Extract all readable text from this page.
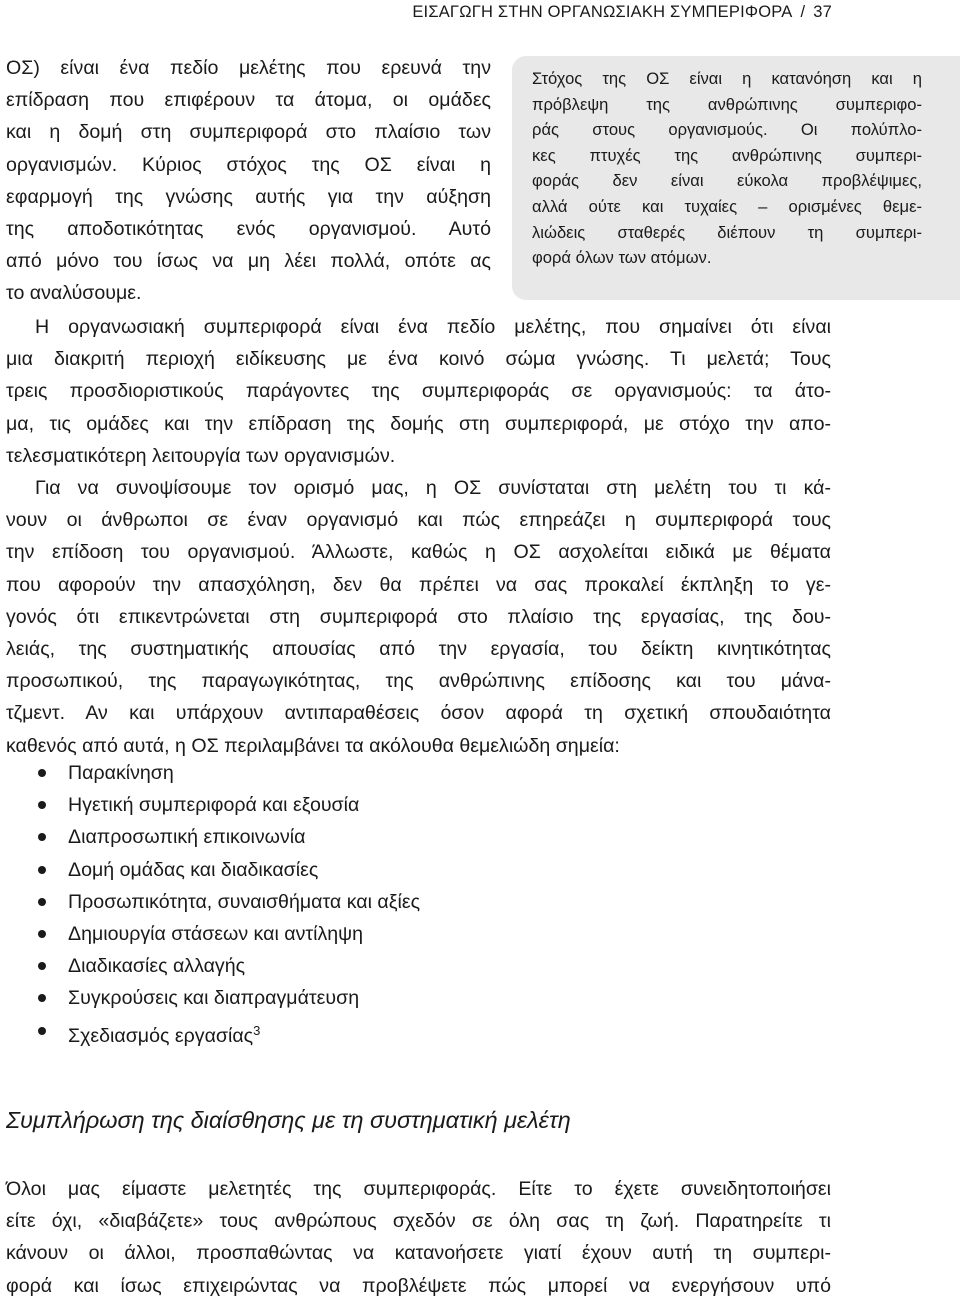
ΕΙΣΑΓΩΓΗ ΣΤΗΝ ΟΡΓΑΝΩΣΙΑΚΗ ΣΥΜΠΕΡΙΦΟΡΑ / 37
ΟΣ) είναι ένα πεδίο μελέτης που ερευνά την
επίδραση που επιφέρουν τα άτομα, οι ομάδες
και η δομή στη συμπεριφορά στο πλαίσιο των
οργανισμών. Κύριος στόχος της ΟΣ είναι η
εφαρμογή της γνώσης αυτής για την αύξηση
της αποδοτικότητας ενός οργανισμού. Αυτό
από μόνο του ίσως να μη λέει πολλά, οπότε ας
το αναλύσουμε.
Στόχος της ΟΣ είναι η κατανόηση και η
πρόβλεψη της ανθρώπινης συμπεριφο-
ράς στους οργανισμούς. Οι πολύπλο-
κες πτυχές της ανθρώπινης συμπερι-
φοράς δεν είναι εύκολα προβλέψιμες,
αλλά ούτε και τυχαίες – ορισμένες θεμε-
λιώδεις σταθερές διέπουν τη συμπερι-
φορά όλων των ατόμων.
Η οργανωσιακή συμπεριφορά είναι ένα πεδίο μελέτης, που σημαίνει ότι είναι
μια διακριτή περιοχή ειδίκευσης με ένα κοινό σώμα γνώσης. Τι μελετά; Τους
τρεις προσδιοριστικούς παράγοντες της συμπεριφοράς σε οργανισμούς: τα άτο-
μα, τις ομάδες και την επίδραση της δομής στη συμπεριφορά, με στόχο την απο-
τελεσματικότερη λειτουργία των οργανισμών.
Για να συνοψίσουμε τον ορισμό μας, η ΟΣ συνίσταται στη μελέτη του τι κά-
νουν οι άνθρωποι σε έναν οργανισμό και πώς επηρεάζει η συμπεριφορά τους
την επίδοση του οργανισμού. Άλλωστε, καθώς η ΟΣ ασχολείται ειδικά με θέματα
που αφορούν την απασχόληση, δεν θα πρέπει να σας προκαλεί έκπληξη το γε-
γονός ότι επικεντρώνεται στη συμπεριφορά στο πλαίσιο της εργασίας, της δου-
λειάς, της συστηματικής απουσίας από την εργασία, του δείκτη κινητικότητας
προσωπικού, της παραγωγικότητας, της ανθρώπινης επίδοσης και του μάνα-
τζμεντ. Αν και υπάρχουν αντιπαραθέσεις όσον αφορά τη σχετική σπουδαιότητα
καθενός από αυτά, η ΟΣ περιλαμβάνει τα ακόλουθα θεμελιώδη σημεία:
Παρακίνηση
Ηγετική συμπεριφορά και εξουσία
Διαπροσωπική επικοινωνία
Δομή ομάδας και διαδικασίες
Προσωπικότητα, συναισθήματα και αξίες
Δημιουργία στάσεων και αντίληψη
Διαδικασίες αλλαγής
Συγκρούσεις και διαπραγμάτευση
Σχεδιασμός εργασίας$^3$
Συμπλήρωση της διαίσθησης με τη συστηματική μελέτη
Όλοι μας είμαστε μελετητές της συμπεριφοράς. Είτε το έχετε συνειδητοποιήσει
είτε όχι, «διαβάζετε» τους ανθρώπους σχεδόν σε όλη σας τη ζωή. Παρατηρείτε τι
κάνουν οι άλλοι, προσπαθώντας να κατανοήσετε γιατί έχουν αυτή τη συμπερι-
φορά και ίσως επιχειρώντας να προβλέψετε πώς μπορεί να ενεργήσουν υπό
